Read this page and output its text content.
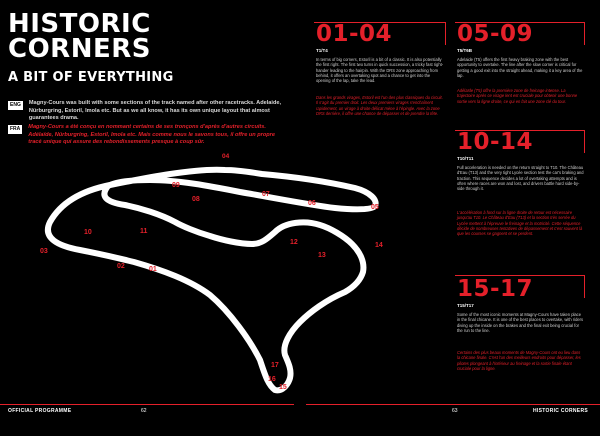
HISTORIC
CORNERS
A BIT OF EVERYTHING
ENG	Magny-Cours was built with some sections of the track named after other racetracks. Adelaide, Nürburgring, Estoril, Imola etc. But as we all know, it has its own unique layout that almost guarantees drama.
FRA	Magny-Cours a été conçu en nommant certains de ses tronçons d'après d'autres circuits. Adélaïde, Nürburgring, Estoril, Imola etc. Mais comme nous le savons tous, il offre un propre tracé unique qui assure des rebondissements presque à coup sûr.
04
09
08
07
06
05
10	11
03
12
13
14
02	01
17
16
15
01-04
T1/T4
In terms of big corners, Estoril is a bit of a classic. It is also potentially the first right. The first two turns in quick succession, a tricky fast right-hander leading to the hairpin. With the DRS zone approaching from behind, it offers an overtaking spot and a chance to get into the opening of the lap, take the lead.
Dans les grands virages, Estoril est l'un des plus classiques du circuit. Il s'agit du premier droit. Les deux premiers virages s'enchaînent rapidement, un virage à droite délicat mène à l'épingle. Avec la zone DRS derrière, il offre une chance de dépasser et de prendre la tête.
05-09
T5/T6B
Adelaide (T5) offers the first heavy braking zone with the best opportunity to overtake. The line after the slow corner is critical for getting a good exit into the straight ahead, making it a key area of the lap.
Adélaïde (T5) offre la première zone de freinage intense. La trajectoire après ce virage lent est cruciale pour obtenir une bonne sortie vers la ligne droite, ce qui en fait une zone clé du tour.
10-14
T10/T11
Full acceleration is needed on the return straight to T10. The Château d'Eau (T13) and the very tight Lycée section test the car's braking and traction. This sequence decides a lot of overtaking attempts and is often where races are won and lost, and drivers battle hard side-by-side through it.
L'accélération à fond sur la ligne droite de retour est nécessaire jusqu'au T10. Le Château d'Eau (T13) et la section très serrée du Lycée mettent à l'épreuve le freinage et la motricité. Cette séquence décide de nombreuses tentatives de dépassement et c'est souvent là que les courses se gagnent et se perdent.
15-17
T15/T17
Some of the most iconic moments at Magny-Cours have taken place in the final chicane. It is one of the best places to overtake, with riders diving up the inside on the brakes and the final exit being crucial for the run to the line.
Certains des plus beaux moments de Magny-Cours ont eu lieu dans la chicane finale. C'est l'un des meilleurs endroits pour dépasser, les pilotes plongeant à l'intérieur au freinage et la sortie finale étant cruciale pour la ligne.
OFFICIAL PROGRAMME	62	63	HISTORIC CORNERS
